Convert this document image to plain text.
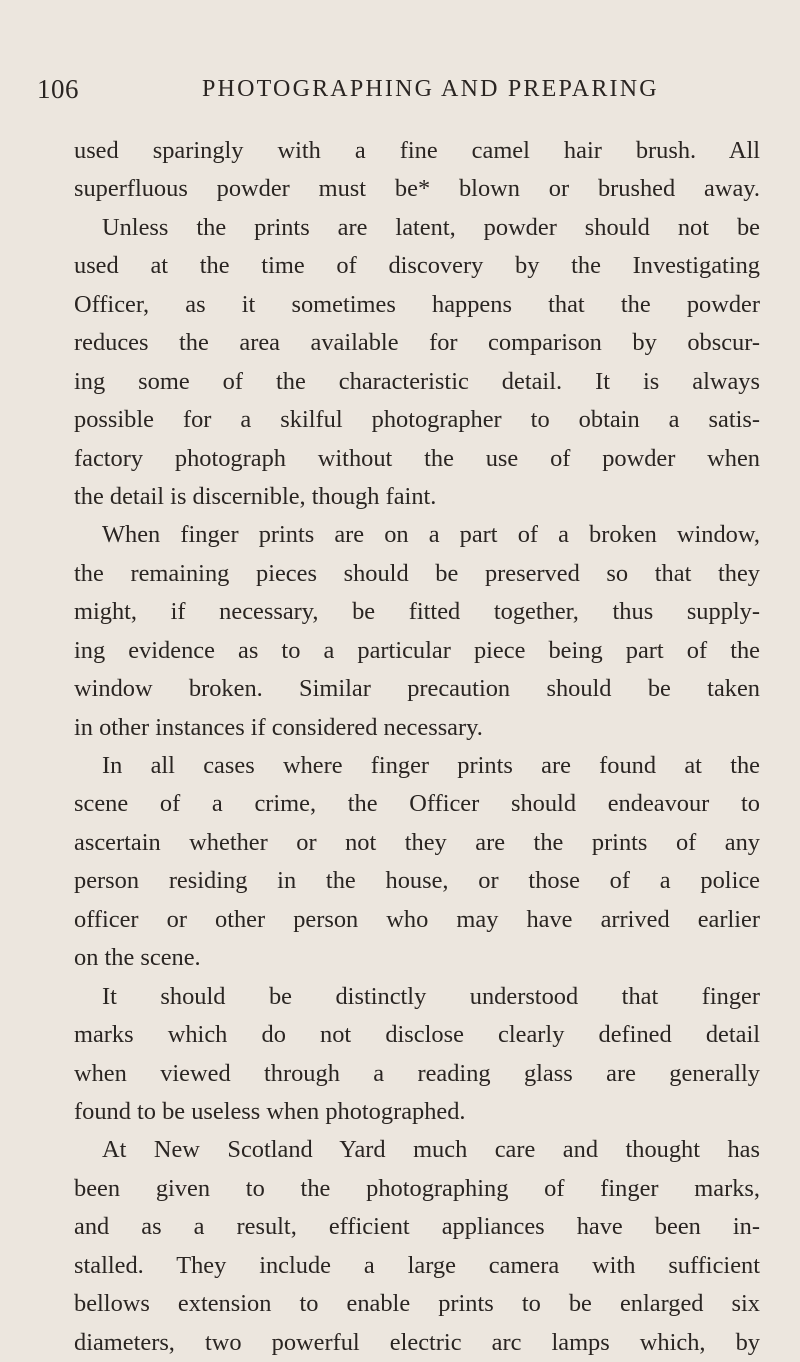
106	PHOTOGRAPHING AND PREPARING
used sparingly with a fine camel hair brush. All
superfluous powder must be* blown or brushed away.
Unless the prints are latent, powder should not be
used at the time of discovery by the Investigating
Officer, as it sometimes happens that the powder
reduces the area available for comparison by obscur-
ing some of the characteristic detail. It is always
possible for a skilful photographer to obtain a satis-
factory photograph without the use of powder when
the detail is discernible, though faint.
When finger prints are on a part of a broken window,
the remaining pieces should be preserved so that they
might, if necessary, be fitted together, thus supply-
ing evidence as to a particular piece being part of the
window broken. Similar precaution should be taken
in other instances if considered necessary.
In all cases where finger prints are found at the
scene of a crime, the Officer should endeavour to
ascertain whether or not they are the prints of any
person residing in the house, or those of a police
officer or other person who may have arrived earlier
on the scene.
It should be distinctly understood that finger
marks which do not disclose clearly defined detail
when viewed through a reading glass are generally
found to be useless when photographed.
At New Scotland Yard much care and thought has
been given to the photographing of finger marks,
and as a result, efficient appliances have been in-
stalled. They include a large camera with sufficient
bellows extension to enable prints to be enlarged six
diameters, two powerful electric arc lamps which, by
